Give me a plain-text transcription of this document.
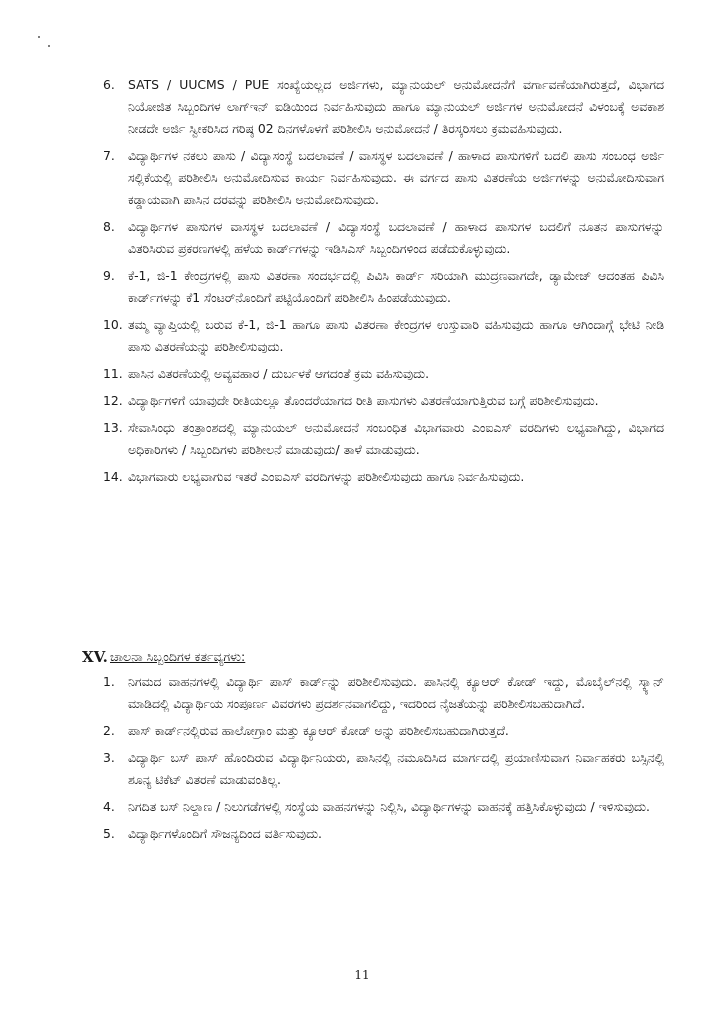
6.	SATS / UUCMS / PUE ಸಂಖ್ಯೆಯಲ್ಲದ ಅರ್ಜಿಗಳು, ಮ್ಯಾನುಯಲ್ ಅನುಮೋದನೆಗೆ ವರ್ಗಾವಣೆಯಾಗಿರುತ್ತದೆ, ವಿಭಾಗದ ನಿಯೋಜಿತ ಸಿಬ್ಬಂದಿಗಳ ಲಾಗ್‌ಇನ್ ಐಡಿಯಿಂದ ನಿರ್ವಹಿಸುವುದು ಹಾಗೂ ಮ್ಯಾನುಯಲ್ ಅರ್ಜಿಗಳ ಅನುಮೋದನೆ ವಿಳಂಬಕ್ಕೆ ಅವಕಾಶ ನೀಡದೇ ಅರ್ಜಿ ಸ್ವೀಕರಿಸಿದ ಗರಿಷ್ಠ 02 ದಿನಗಳೊಳಗೆ ಪರಿಶೀಲಿಸಿ ಅನುಮೋದನೆ / ತಿರಸ್ಕರಿಸಲು ಕ್ರಮವಹಿಸುವುದು.
7.	ವಿದ್ಯಾರ್ಥಿಗಳ ನಕಲು ಪಾಸು / ವಿದ್ಯಾಸಂಸ್ಥೆ ಬದಲಾವಣೆ / ವಾಸಸ್ಥಳ ಬದಲಾವಣೆ / ಹಾಳಾದ ಪಾಸುಗಳಿಗೆ ಬದಲಿ ಪಾಸು ಸಂಬಂಧ ಅರ್ಜಿ ಸಲ್ಲಿಕೆಯಲ್ಲಿ ಪರಿಶೀಲಿಸಿ ಅನುಮೋದಿಸುವ ಕಾರ್ಯ ನಿರ್ವಹಿಸುವುದು. ಈ ವರ್ಗದ ಪಾಸು ವಿತರಣೆಯ ಅರ್ಜಿಗಳನ್ನು ಅನುಮೋದಿಸುವಾಗ ಕಡ್ಡಾಯವಾಗಿ ಪಾಸಿನ ದರವನ್ನು ಪರಿಶೀಲಿಸಿ ಅನುಮೋದಿಸುವುದು.
8.	ವಿದ್ಯಾರ್ಥಿಗಳ ಪಾಸುಗಳ ವಾಸಸ್ಥಳ ಬದಲಾವಣೆ / ವಿದ್ಯಾಸಂಸ್ಥೆ ಬದಲಾವಣೆ / ಹಾಳಾದ ಪಾಸುಗಳ ಬದಲಿಗೆ ನೂತನ ಪಾಸುಗಳನ್ನು ವಿತರಿಸಿರುವ ಪ್ರಕರಣಗಳಲ್ಲಿ ಹಳೆಯ ಕಾರ್ಡ್‌ಗಳನ್ನು ಇಡಿಸಿಎಸ್ ಸಿಬ್ಬಂದಿಗಳಿಂದ ಪಡೆದುಕೊಳ್ಳುವುದು.
9.	ಕೆ-1, ಜಿ-1 ಕೇಂದ್ರಗಳಲ್ಲಿ ಪಾಸು ವಿತರಣಾ ಸಂದರ್ಭದಲ್ಲಿ ಪಿವಿಸಿ ಕಾರ್ಡ್ ಸರಿಯಾಗಿ ಮುದ್ರಣವಾಗದೇ, ಡ್ಯಾಮೇಜ್ ಆದಂತಹ ಪಿವಿಸಿ ಕಾರ್ಡ್‌ಗಳನ್ನು ಕೆ1 ಸೆಂಟರ್‌ನೊಂದಿಗೆ ಪಟ್ಟಿಯೊಂದಿಗೆ ಪರಿಶೀಲಿಸಿ ಹಿಂಪಡೆಯುವುದು.
10. ತಮ್ಮ ವ್ಯಾಪ್ತಿಯಲ್ಲಿ ಬರುವ ಕೆ-1, ಜಿ-1 ಹಾಗೂ ಪಾಸು ವಿತರಣಾ ಕೇಂದ್ರಗಳ ಉಸ್ತುವಾರಿ ವಹಿಸುವುದು ಹಾಗೂ ಆಗಿಂದಾಗ್ಗೆ ಭೇಟಿ ನೀಡಿ ಪಾಸು ವಿತರಣೆಯನ್ನು ಪರಿಶೀಲಿಸುವುದು.
11. ಪಾಸಿನ ವಿತರಣೆಯಲ್ಲಿ ಅವ್ಯವಹಾರ / ದುರ್ಬಳಕೆ ಆಗದಂತೆ ಕ್ರಮ ವಹಿಸುವುದು.
12. ವಿದ್ಯಾರ್ಥಿಗಳಿಗೆ ಯಾವುದೇ ರೀತಿಯಲ್ಲೂ ತೊಂದರೆಯಾಗದ ರೀತಿ ಪಾಸುಗಳು ವಿತರಣೆಯಾಗುತ್ತಿರುವ ಬಗ್ಗೆ ಪರಿಶೀಲಿಸುವುದು.
13. ಸೇವಾಸಿಂಧು ತಂತ್ರಾಂಶದಲ್ಲಿ ಮ್ಯಾನುಯಲ್ ಅನುಮೋದನೆ ಸಂಬಂಧಿತ ವಿಭಾಗವಾರು ಎಂಐಎಸ್ ವರದಿಗಳು ಲಭ್ಯವಾಗಿದ್ದು, ವಿಭಾಗದ ಅಧಿಕಾರಿಗಳು / ಸಿಬ್ಬಂದಿಗಳು ಪರಿಶೀಲನೆ ಮಾಡುವುದು/ ತಾಳೆ ಮಾಡುವುದು.
14. ವಿಭಾಗವಾರು ಲಭ್ಯವಾಗುವ ಇತರೆ ಎಂಐಎಸ್ ವರದಿಗಳನ್ನು ಪರಿಶೀಲಿಸುವುದು ಹಾಗೂ ನಿರ್ವಹಿಸುವುದು.
XV. ಚಾಲನಾ ಸಿಬ್ಬಂದಿಗಳ ಕರ್ತವ್ಯಗಳು:
1.	ನಿಗಮದ ವಾಹನಗಳಲ್ಲಿ ವಿದ್ಯಾರ್ಥಿ ಪಾಸ್ ಕಾರ್ಡ್‌ನ್ನು ಪರಿಶೀಲಿಸುವುದು. ಪಾಸಿನಲ್ಲಿ ಕ್ಯೂಆರ್ ಕೋಡ್ ಇದ್ದು, ಮೊಬೈಲ್‌ನಲ್ಲಿ ಸ್ಕ್ಯಾನ್ ಮಾಡಿದಲ್ಲಿ ವಿದ್ಯಾರ್ಥಿಯ ಸಂಪೂರ್ಣ ವಿವರಗಳು ಪ್ರದರ್ಶನವಾಗಲಿದ್ದು, ಇದರಿಂದ ನೈಜತೆಯನ್ನು ಪರಿಶೀಲಿಸಬಹುದಾಗಿದೆ.
2.	ಪಾಸ್ ಕಾರ್ಡ್‌ನಲ್ಲಿರುವ ಹಾಲೋಗ್ರಾಂ ಮತ್ತು ಕ್ಯೂಆರ್ ಕೋಡ್ ಅನ್ನು ಪರಿಶೀಲಿಸಬಹುದಾಗಿರುತ್ತದೆ.
3.	ವಿದ್ಯಾರ್ಥಿ ಬಸ್ ಪಾಸ್ ಹೊಂದಿರುವ ವಿದ್ಯಾರ್ಥಿನಿಯರು, ಪಾಸಿನಲ್ಲಿ ನಮೂದಿಸಿದ ಮಾರ್ಗದಲ್ಲಿ ಪ್ರಯಾಣಿಸುವಾಗ ನಿರ್ವಾಹಕರು ಬಸ್ಸಿನಲ್ಲಿ ಶೂನ್ಯ ಟಿಕೆಟ್ ವಿತರಣೆ ಮಾಡುವಂತಿಲ್ಲ.
4.	ನಿಗದಿತ ಬಸ್ ನಿಲ್ದಾಣ / ನಿಲುಗಡೆಗಳಲ್ಲಿ ಸಂಸ್ಥೆಯ ವಾಹನಗಳನ್ನು ನಿಲ್ಲಿಸಿ, ವಿದ್ಯಾರ್ಥಿಗಳನ್ನು ವಾಹನಕ್ಕೆ ಹತ್ತಿಸಿಕೊಳ್ಳುವುದು / ಇಳಿಸುವುದು.
5.	ವಿದ್ಯಾರ್ಥಿಗಳೊಂದಿಗೆ ಸೌಜನ್ಯದಿಂದ ವರ್ತಿಸುವುದು.
11
